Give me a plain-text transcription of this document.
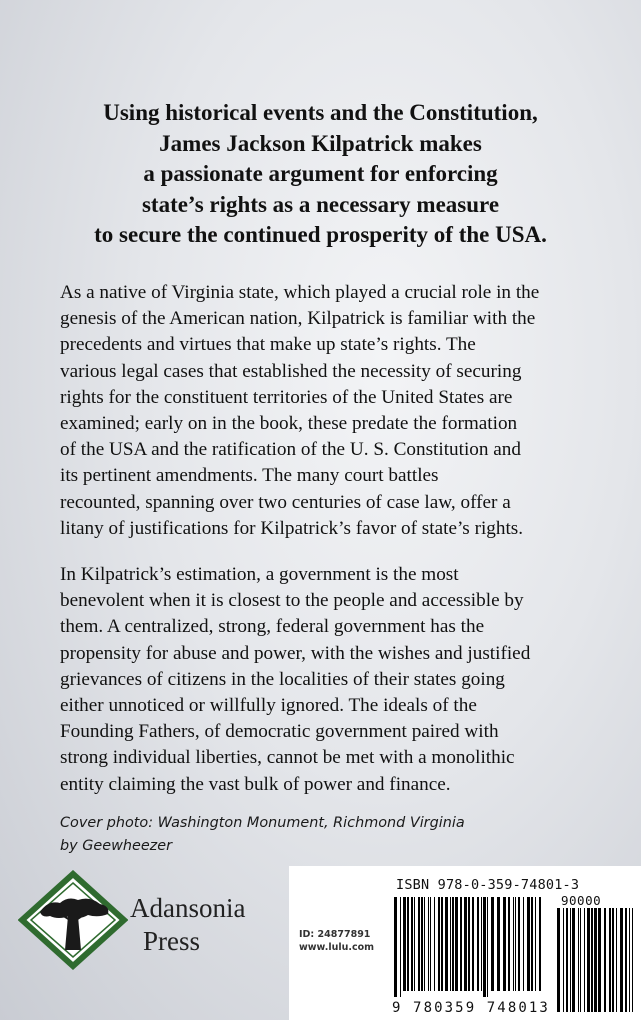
Using historical events and the Constitution,
James Jackson Kilpatrick makes
a passionate argument for enforcing
state’s rights as a necessary measure
to secure the continued prosperity of the USA.
As a native of Virginia state, which played a crucial role in the
genesis of the American nation, Kilpatrick is familiar with the
precedents and virtues that make up state’s rights. The
various legal cases that established the necessity of securing
rights for the constituent territories of the United States are
examined; early on in the book, these predate the formation
of the USA and the ratification of the U. S. Constitution and
its pertinent amendments. The many court battles
recounted, spanning over two centuries of case law, offer a
litany of justifications for Kilpatrick’s favor of state’s rights.
In Kilpatrick’s estimation, a government is the most
benevolent when it is closest to the people and accessible by
them. A centralized, strong, federal government has the
propensity for abuse and power, with the wishes and justified
grievances of citizens in the localities of their states going
either unnoticed or willfully ignored. The ideals of the
Founding Fathers, of democratic government paired with
strong individual liberties, cannot be met with a monolithic
entity claiming the vast bulk of power and finance.
Cover photo: Washington Monument, Richmond Virginia
by Geewheezer
Adansonia
Press
ISBN 978-0-359-74801-3
90000
ID: 24877891
www.lulu.com
9 780359 748013
